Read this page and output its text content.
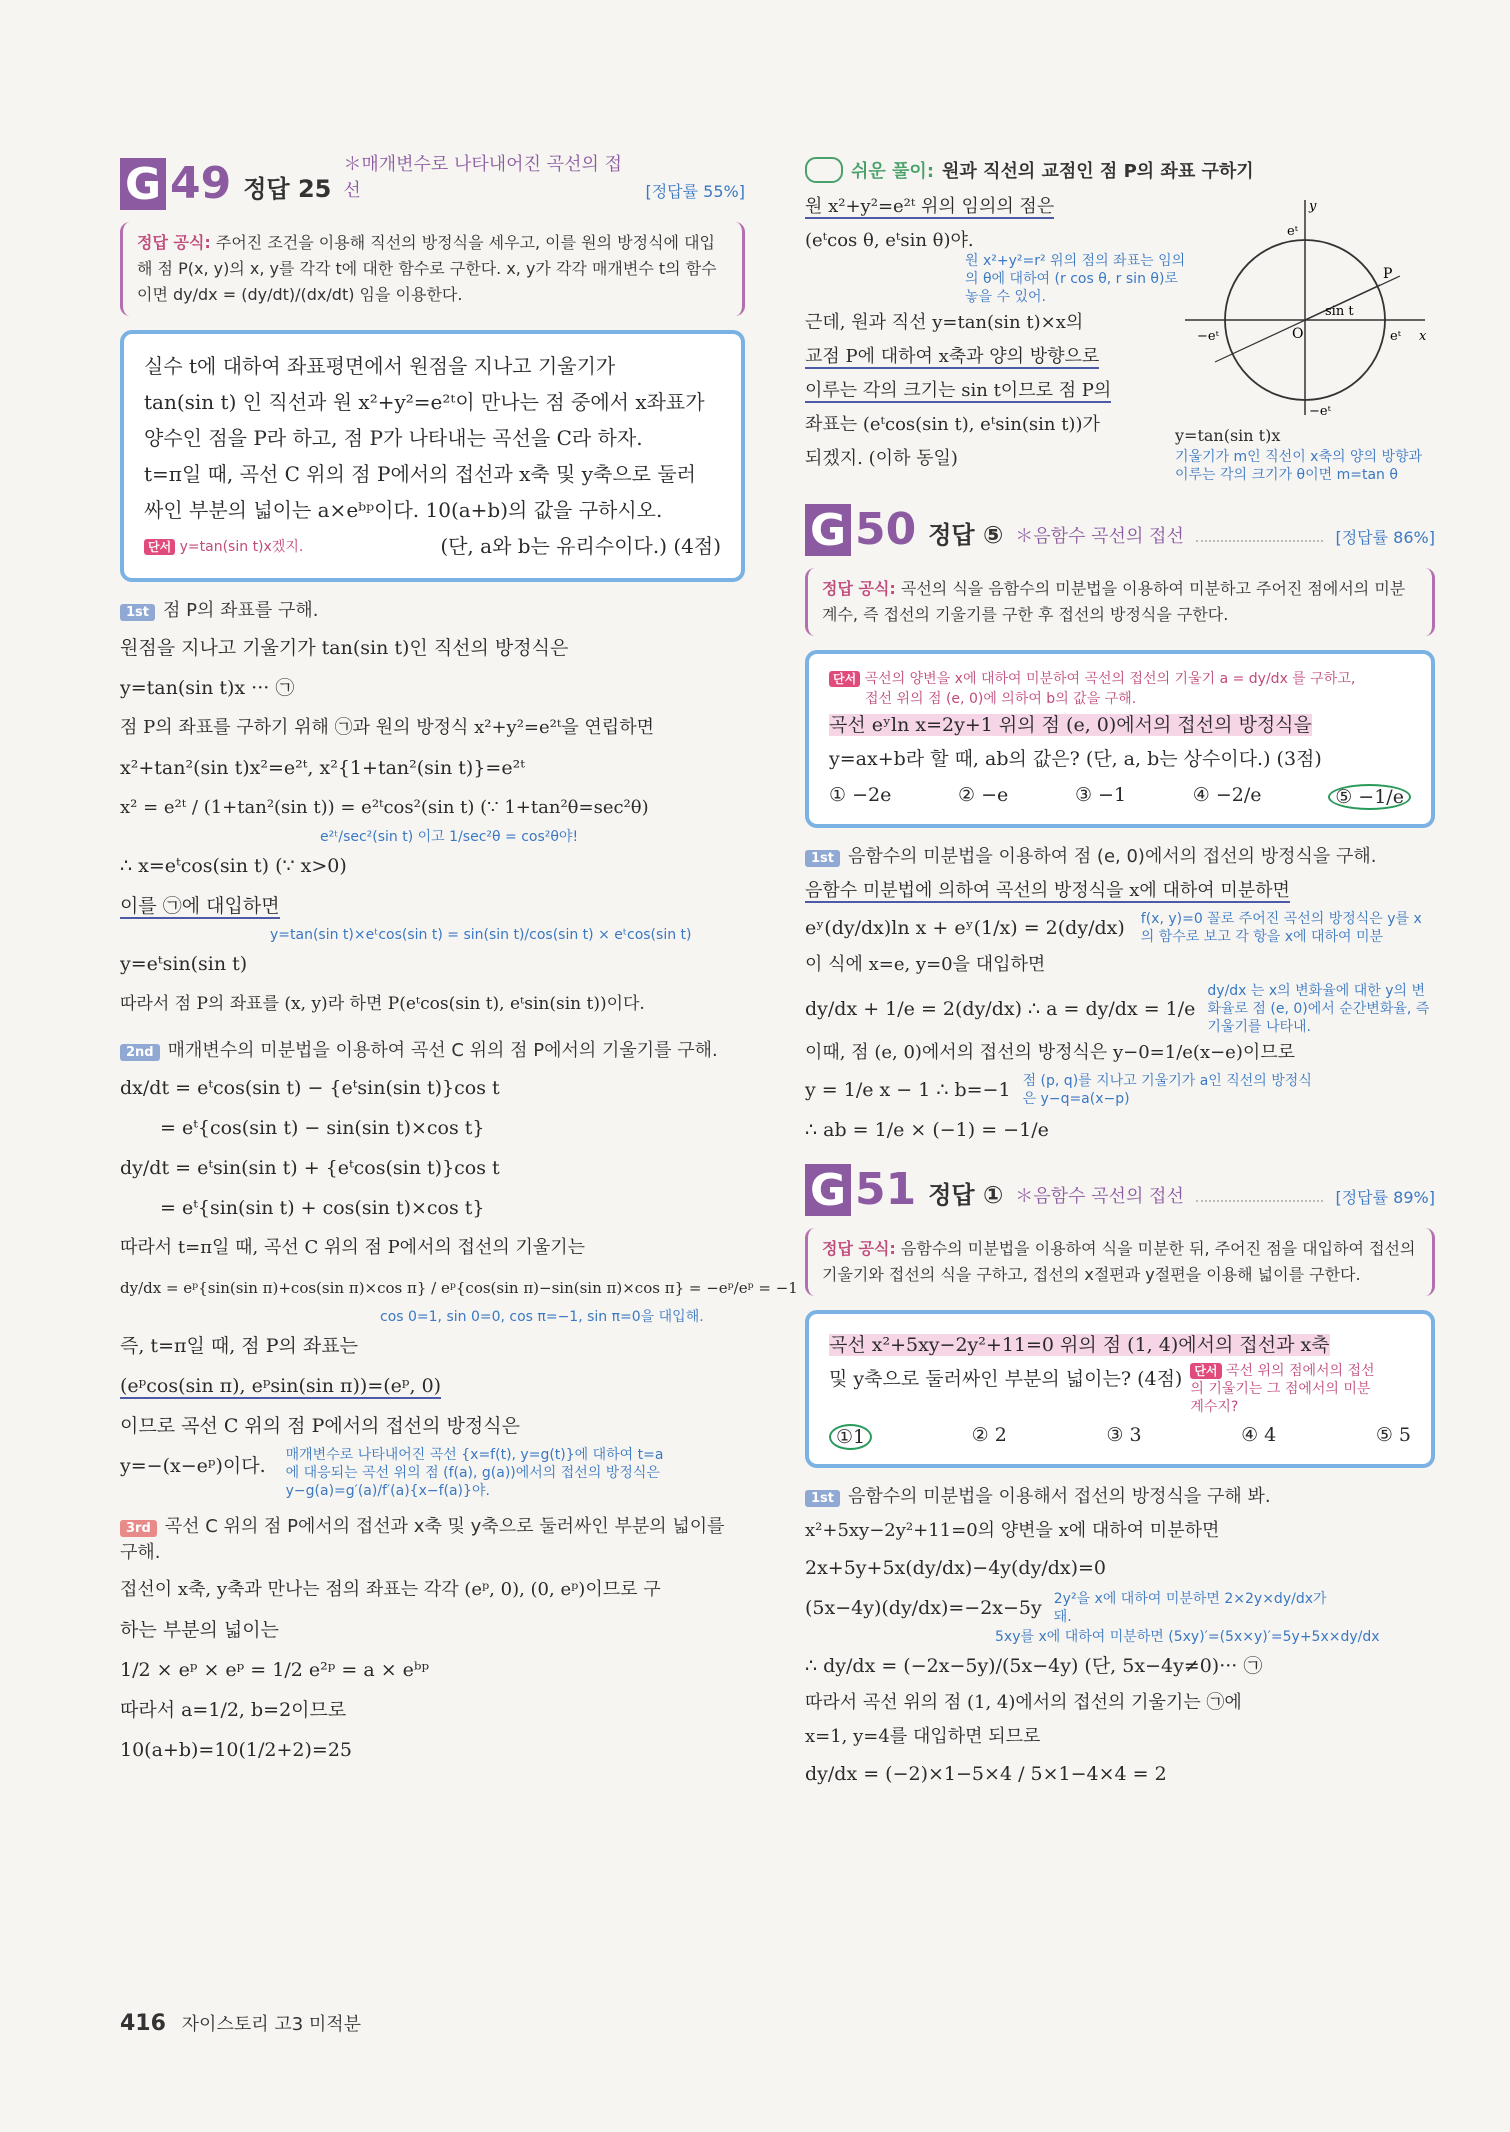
G 49 정답 25
＊매개변수로 나타내어진 곡선의 접선	[정답률 55%]
정답 공식: 주어진 조건을 이용해 직선의 방정식을 세우고, 이를 원의 방정식에 대입해 점 P(x, y)의 x, y를 각각 t에 대한 함수로 구한다. x, y가 각각 매개변수 t의 함수이면 dy/dx = (dy/dt)/(dx/dt) 임을 이용한다.
실수 t에 대하여 좌표평면에서 원점을 지나고 기울기가
tan(sin t) 인 직선과 원 x²+y²=e²ᵗ이 만나는 점 중에서 x좌표가
양수인 점을 P라 하고, 점 P가 나타내는 곡선을 C라 하자.
t=π일 때, 곡선 C 위의 점 P에서의 접선과 x축 및 y축으로 둘러
싸인 부분의 넓이는 a×eᵇᵖ이다. 10(a+b)의 값을 구하시오.
단서 y=tan(sin t)x겠지.	(단, a와 b는 유리수이다.) (4점)
1st 점 P의 좌표를 구해.
원점을 지나고 기울기가 tan(sin t)인 직선의 방정식은
y=tan(sin t)x ··· ㉠
점 P의 좌표를 구하기 위해 ㉠과 원의 방정식 x²+y²=e²ᵗ을 연립하면
x²+tan²(sin t)x²=e²ᵗ, x²{1+tan²(sin t)}=e²ᵗ
x² = e²ᵗ / (1+tan²(sin t)) = e²ᵗcos²(sin t) (∵ 1+tan²θ=sec²θ)
e²ᵗ/sec²(sin t) 이고 1/sec²θ = cos²θ야!
∴ x=eᵗcos(sin t) (∵ x>0)
이를 ㉠에 대입하면
y=tan(sin t)×eᵗcos(sin t) = sin(sin t)/cos(sin t) × eᵗcos(sin t)
y=eᵗsin(sin t)
따라서 점 P의 좌표를 (x, y)라 하면 P(eᵗcos(sin t), eᵗsin(sin t))이다.
2nd 매개변수의 미분법을 이용하여 곡선 C 위의 점 P에서의 기울기를 구해.
dx/dt = eᵗcos(sin t) − {eᵗsin(sin t)}cos t
= eᵗ{cos(sin t) − sin(sin t)×cos t}
dy/dt = eᵗsin(sin t) + {eᵗcos(sin t)}cos t
= eᵗ{sin(sin t) + cos(sin t)×cos t}
따라서 t=π일 때, 곡선 C 위의 점 P에서의 접선의 기울기는
dy/dx = eᵖ{sin(sin π)+cos(sin π)×cos π} / eᵖ{cos(sin π)−sin(sin π)×cos π} = −eᵖ/eᵖ = −1
cos 0=1, sin 0=0, cos π=−1, sin π=0을 대입해.
즉, t=π일 때, 점 P의 좌표는
(eᵖcos(sin π), eᵖsin(sin π))=(eᵖ, 0)
이므로 곡선 C 위의 점 P에서의 접선의 방정식은
y=−(x−eᵖ)이다. 매개변수로 나타내어진 곡선 {x=f(t), y=g(t)}에 대하여 t=a에 대응되는 곡선 위의 점 (f(a), g(a))에서의 접선의 방정식은 y−g(a)=g′(a)/f′(a){x−f(a)}야.
3rd 곡선 C 위의 점 P에서의 접선과 x축 및 y축으로 둘러싸인 부분의 넓이를 구해.
접선이 x축, y축과 만나는 점의 좌표는 각각 (eᵖ, 0), (0, eᵖ)이므로 구
하는 부분의 넓이는
1/2 × eᵖ × eᵖ = 1/2 e²ᵖ = a × eᵇᵖ
따라서 a=1/2, b=2이므로
10(a+b)=10(1/2+2)=25
쉬운 풀이: 원과 직선의 교점인 점 P의 좌표 구하기
원 x²+y²=e²ᵗ 위의 임의의 점은
(eᵗcos θ, eᵗsin θ)야.
원 x²+y²=r² 위의 점의 좌표는 임의의 θ에 대하여 (r cos θ, r sin θ)로 놓을 수 있어.
근데, 원과 직선 y=tan(sin t)×x의
교점 P에 대하여 x축과 양의 방향으로
이루는 각의 크기는 sin t이므로 점 P의
좌표는 (eᵗcos(sin t), eᵗsin(sin t))가
되겠지. (이하 동일)
y
x
eᵗ
eᵗ
−eᵗ
−eᵗ
O
P
sin t
y=tan(sin t)x
기울기가 m인 직선이 x축의 양의 방향과 이루는 각의 크기가 θ이면 m=tan θ
G 50 정답 ⑤ ＊음함수 곡선의 접선	[정답률 86%]
정답 공식: 곡선의 식을 음함수의 미분법을 이용하여 미분하고 주어진 점에서의 미분계수, 즉 접선의 기울기를 구한 후 접선의 방정식을 구한다.
단서 곡선의 양변을 x에 대하여 미분하여 곡선의 접선의 기울기 a = dy/dx 를 구하고,
접선 위의 점 (e, 0)에 의하여 b의 값을 구해.
곡선 eʸln x=2y+1 위의 점 (e, 0)에서의 접선의 방정식을
y=ax+b라 할 때, ab의 값은? (단, a, b는 상수이다.) (3점)
① −2e	② −e	③ −1	④ −2/e	⑤ −1/e
1st 음함수의 미분법을 이용하여 점 (e, 0)에서의 접선의 방정식을 구해.
음함수 미분법에 의하여 곡선의 방정식을 x에 대하여 미분하면
eʸ(dy/dx)ln x + eʸ(1/x) = 2(dy/dx) f(x, y)=0 꼴로 주어진 곡선의 방정식은 y를 x의 함수로 보고 각 항을 x에 대하여 미분
이 식에 x=e, y=0을 대입하면
dy/dx + 1/e = 2(dy/dx) ∴ a = dy/dx = 1/e
dy/dx 는 x의 변화율에 대한 y의 변화율로 점 (e, 0)에서 순간변화율, 즉 기울기를 나타내.
이때, 점 (e, 0)에서의 접선의 방정식은 y−0=1/e(x−e)이므로
y = 1/e x − 1 ∴ b=−1 점 (p, q)를 지나고 기울기가 a인 직선의 방정식은 y−q=a(x−p)
∴ ab = 1/e × (−1) = −1/e
G 51 정답 ① ＊음함수 곡선의 접선	[정답률 89%]
정답 공식: 음함수의 미분법을 이용하여 식을 미분한 뒤, 주어진 점을 대입하여 접선의 기울기와 접선의 식을 구하고, 접선의 x절편과 y절편을 이용해 넓이를 구한다.
곡선 x²+5xy−2y²+11=0 위의 점 (1, 4)에서의 접선과 x축
및 y축으로 둘러싸인 부분의 넓이는? (4점)	단서 곡선 위의 점에서의 접선의 기울기는 그 점에서의 미분계수지?
①1	② 2	③ 3	④ 4	⑤ 5
1st 음함수의 미분법을 이용해서 접선의 방정식을 구해 봐.
x²+5xy−2y²+11=0의 양변을 x에 대하여 미분하면
2x+5y+5x(dy/dx)−4y(dy/dx)=0
(5x−4y)(dy/dx)=−2x−5y 2y²을 x에 대하여 미분하면 2×2y×dy/dx가 돼.
5xy를 x에 대하여 미분하면 (5xy)′=(5x×y)′=5y+5x×dy/dx
∴ dy/dx = (−2x−5y)/(5x−4y) (단, 5x−4y≠0)··· ㉠
따라서 곡선 위의 점 (1, 4)에서의 접선의 기울기는 ㉠에
x=1, y=4를 대입하면 되므로
dy/dx = (−2)×1−5×4 / 5×1−4×4 = 2
416 자이스토리 고3 미적분
